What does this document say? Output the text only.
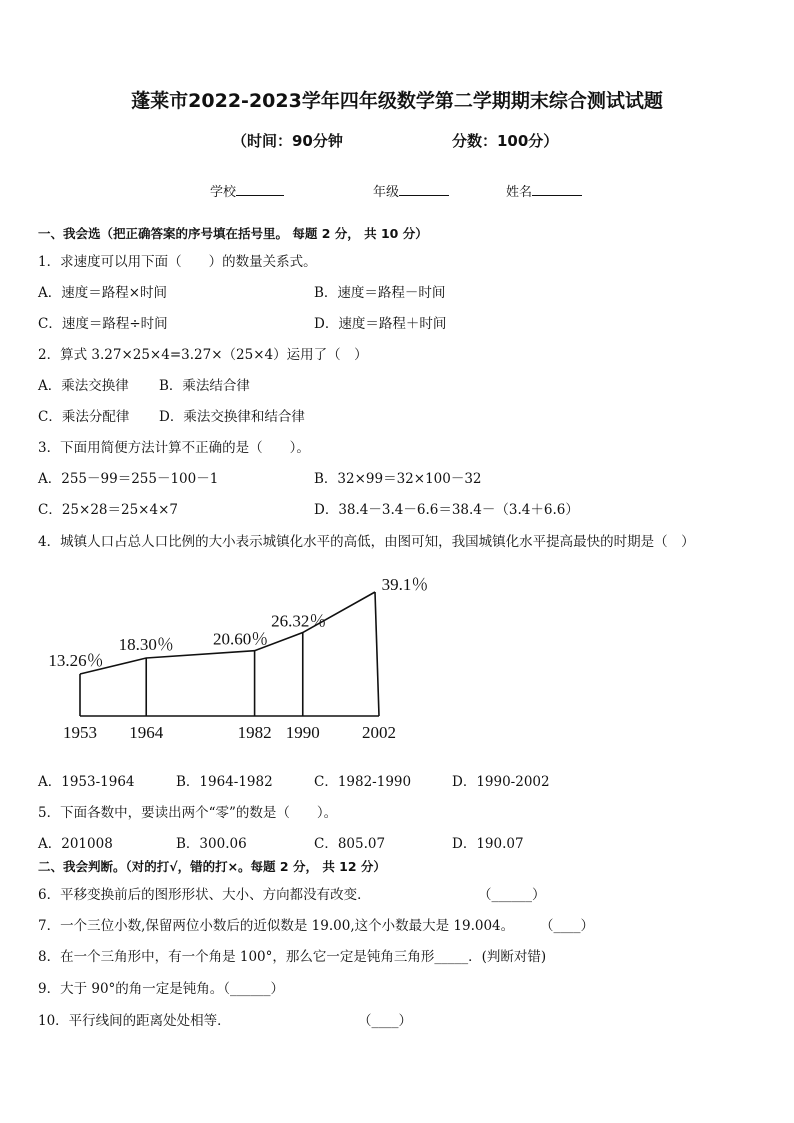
蓬莱市2022-2023学年四年级数学第二学期期末综合测试试题
（时间：90分钟	分数：100分）
学校	年级	姓名
一、我会选（把正确答案的序号填在括号里。 每题 2 分， 共 10 分）
1．求速度可以用下面（　　）的数量关系式。
A．速度＝路程×时间	B．速度＝路程－时间
C．速度＝路程÷时间	D．速度＝路程＋时间
2．算式 3.27×25×4=3.27×（25×4）运用了（　）
A．乘法交换律 B．乘法结合律
C．乘法分配律 D．乘法交换律和结合律
3．下面用简便方法计算不正确的是（　　）。
A．255－99＝255－100－1	B．32×99＝32×100－32
C．25×28＝25×4×7	D．38.4－3.4－6.6＝38.4－（3.4＋6.6）
4．城镇人口占总人口比例的大小表示城镇化水平的高低，由图可知，我国城镇化水平提高最快的时期是（　）
1953 1964	1982 1990 2002
13.26％
18.30％ 20.60％
26.32％
39.1％
A．1953-1964	B．1964-1982	C．1982-1990	D．1990-2002
5．下面各数中，要读出两个“零”的数是（　　）。
A．201008	B．300.06	C．805.07	D．190.07
二、我会判断。（对的打√，错的打×。每题 2 分， 共 12 分）
6．平移变换前后的图形形状、大小、方向都没有改变．	（______）
7．一个三位小数,保留两位小数后的近似数是 19.00,这个小数最大是 19.004。 （____）
8．在一个三角形中，有一个角是 100°，那么它一定是钝角三角形_____．(判断对错)
9．大于 90°的角一定是钝角。（______）
10．平行线间的距离处处相等．	（____）
